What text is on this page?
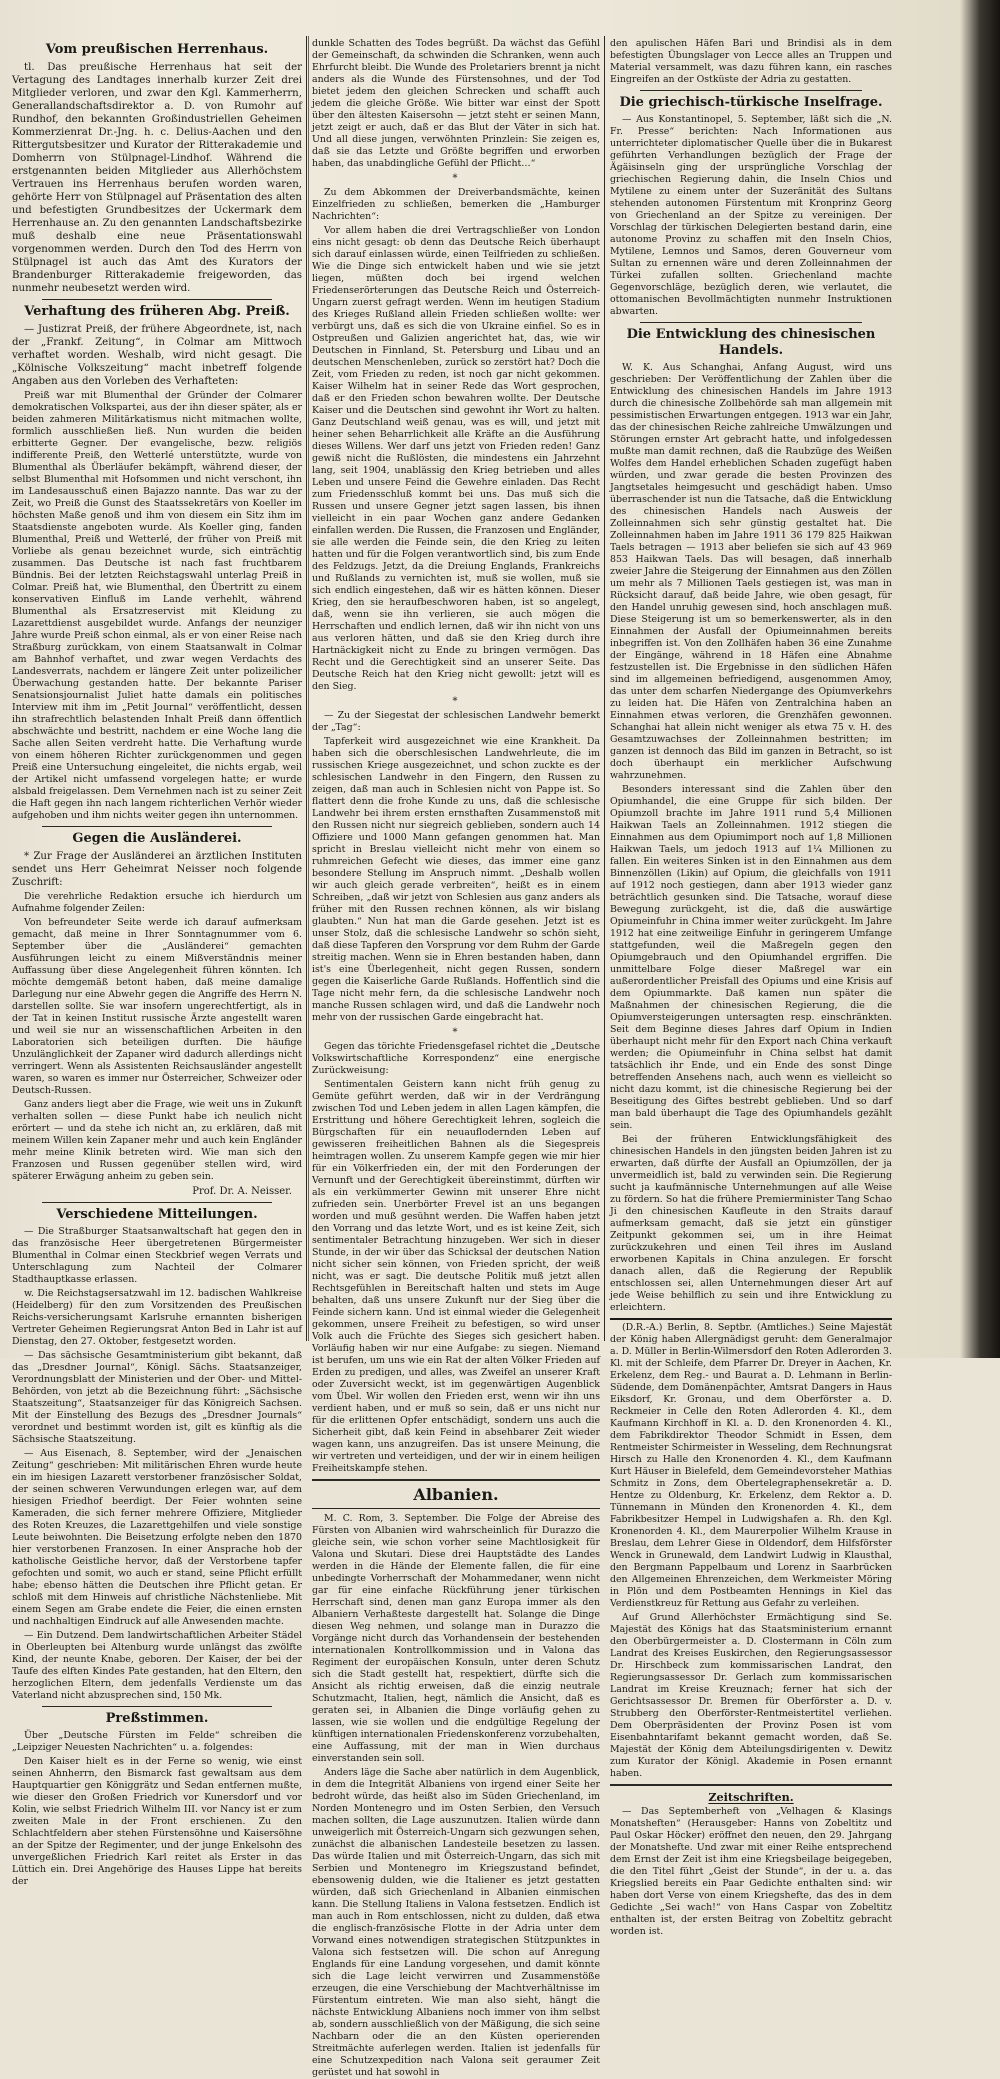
Vom preußischen Herrenhaus.

tl. Das preußische Herrenhaus hat seit der Vertagung des Landtages innerhalb kurzer Zeit drei Mitglieder verloren, und zwar den Kgl. Kammerherrn, Generallandschaftsdirektor a. D. von Rumohr auf Rundhof, den bekannten Großindustriellen Geheimen Kommerzienrat Dr.-Jng. h. c. Delius-Aachen und den Rittergutsbesitzer und Kurator der Ritterakademie und Domherrn von Stülpnagel-Lindhof. Während die erstgenannten beiden Mitglieder aus Allerhöchstem Vertrauen ins Herrenhaus berufen worden waren, gehörte Herr von Stülpnagel auf Präsentation des alten und befestigten Grundbesitzes der Uckermark dem Herrenhause an. Zu den genannten Landschaftsbezirke muß deshalb eine neue Präsentationswahl vorgenommen werden. Durch den Tod des Herrn von Stülpnagel ist auch das Amt des Kurators der Brandenburger Ritterakademie freigeworden, das nunmehr neubesetzt werden wird.

Verhaftung des früheren Abg. Preiß.

— Justizrat Preiß, der frühere Abgeordnete, ist, nach der „Frankf. Zeitung“, in Colmar am Mittwoch verhaftet worden. Weshalb, wird nicht gesagt. Die „Kölnische Volkszeitung“ macht inbetreff folgende Angaben aus den Vorleben des Verhafteten:

Preiß war mit Blumenthal der Gründer der Colmarer demokratischen Volkspartei, aus der ihn dieser später, als er beiden zahmeren Militärkatismus nicht mitmachen wollte, formlich ausschließen ließ. Nun wurden die beiden erbitterte Gegner. Der evangelische, bezw. religiös indifferente Preiß, den Wetterlé unterstützte, wurde von Blumenthal als Überläufer bekämpft, während dieser, der selbst Blumenthal mit Hofsommen und nicht verschont, ihn im Landesausschuß einen Bajazzo nannte. Das war zu der Zeit, wo Preiß die Gunst des Staatssekretärs von Koeller im höchsten Maße genoß und ihm von diesem ein Sitz ihm im Staatsdienste angeboten wurde. Als Koeller ging, fanden Blumenthal, Preiß und Wetterlé, der früher von Preiß mit Vorliebe als genau bezeichnet wurde, sich einträchtig zusammen. Das Deutsche ist nach fast fruchtbarem Bündnis. Bei der letzten Reichstagswahl unterlag Preiß in Colmar. Preiß hat, wie Blumenthal, den Übertritt zu einem konservativen Einfluß im Lande verhehlt, während Blumenthal als Ersatzreservist mit Kleidung zu Lazarettdienst ausgebildet wurde. Anfangs der neunziger Jahre wurde Preiß schon einmal, als er von einer Reise nach Straßburg zurückkam, von einem Staatsanwalt in Colmar am Bahnhof verhaftet, und zwar wegen Verdachts des Landesverrats, nachdem er längere Zeit unter polizeilicher Überwachung gestanden hatte. Der bekannte Pariser Senatsionsjournalist Juliet hatte damals ein politisches Interview mit ihm im „Petit Journal“ veröffentlicht, dessen ihn strafrechtlich belastenden Inhalt Preiß dann öffentlich abschwächte und bestritt, nachdem er eine Woche lang die Sache allen Seiten verdreht hatte. Die Verhaftung wurde von einem höheren Richter zurückgenommen und gegen Preiß eine Untersuchung eingeleitet, die nichts ergab, weil der Artikel nicht umfassend vorgelegen hatte; er wurde alsbald freigelassen. Dem Vernehmen nach ist zu seiner Zeit die Haft gegen ihn nach langem richterlichen Verhör wieder aufgehoben und ihm nichts weiter gegen ihn unternommen.

Gegen die Ausländerei.

* Zur Frage der Ausländerei an ärztlichen Instituten sendet uns Herr Geheimrat Neisser noch folgende Zuschrift:

Die verehrliche Redaktion ersuche ich hierdurch um Aufnahme folgender Zeilen:

Von befreundeter Seite werde ich darauf aufmerksam gemacht, daß meine in Ihrer Sonntagnummer vom 6. September über die „Ausländerei“ gemachten Ausführungen leicht zu einem Mißverständnis meiner Auffassung über diese Angelegenheit führen könnten. Ich möchte demgemäß betont haben, daß meine damalige Darlegung nur eine Abwehr gegen die Angriffe des Herrn N. darstellen sollte. Sie war insofern ungerechtfertigt, als in der Tat in keinen Institut russische Ärzte angestellt waren und weil sie nur an wissenschaftlichen Arbeiten in den Laboratorien sich beteiligen durften. Die häufige Unzulänglichkeit der Zapaner wird dadurch allerdings nicht verringert. Wenn als Assistenten Reichsausländer angestellt waren, so waren es immer nur Österreicher, Schweizer oder Deutsch-Russen.

Ganz anders liegt aber die Frage, wie weit uns in Zukunft verhalten sollen — diese Punkt habe ich neulich nicht erörtert — und da stehe ich nicht an, zu erklären, daß mit meinem Willen kein Zapaner mehr und auch kein Engländer mehr meine Klinik betreten wird. Wie man sich den Franzosen und Russen gegenüber stellen wird, wird späterer Erwägung anheim zu geben sein.

Prof. Dr. A. Neisser.
Verschiedene Mitteilungen.

— Die Straßburger Staatsanwaltschaft hat gegen den in das französische Heer übergetretenen Bürgermeister Blumenthal in Colmar einen Steckbrief wegen Verrats und Unterschlagung zum Nachteil der Colmarer Stadthauptkasse erlassen.

w. Die Reichstagsersatzwahl im 12. badischen Wahlkreise (Heidelberg) für den zum Vorsitzenden des Preußischen Reichs-versicherungsamt Karlsruhe ernannten bisherigen Vertreter Geheimen Regierungsrat Anton Bed in Lahr ist auf Dienstag, den 27. Oktober, festgesetzt worden.

— Das sächsische Gesamtministerium gibt bekannt, daß das „Dresdner Journal“, Königl. Sächs. Staatsanzeiger, Verordnungsblatt der Ministerien und der Ober- und Mittel-Behörden, von jetzt ab die Bezeichnung führt: „Sächsische Staatszeitung“, Staatsanzeiger für das Königreich Sachsen. Mit der Einstellung des Bezugs des „Dresdner Journals“ verordnet und bestimmt worden ist, gilt es künftig als die Sächsische Staatszeitung.

— Aus Eisenach, 8. September, wird der „Jenaischen Zeitung“ geschrieben: Mit militärischen Ehren wurde heute ein im hiesigen Lazarett verstorbener französischer Soldat, der seinen schweren Verwundungen erlegen war, auf dem hiesigen Friedhof beerdigt. Der Feier wohnten seine Kameraden, die sich ferner mehrere Offiziere, Mitglieder des Roten Kreuzes, die Lazarettgehilfen und viele sonstige Leute beiwohnten. Die Beisetzung erfolgte neben den 1870 hier verstorbenen Franzosen. In einer Ansprache hob der katholische Geistliche hervor, daß der Verstorbene tapfer gefochten und somit, wo auch er stand, seine Pflicht erfüllt habe; ebenso hätten die Deutschen ihre Pflicht getan. Er schloß mit dem Hinweis auf christliche Nächstenliebe. Mit einem Segen am Grabe endete die Feier, die einen ernsten und nachhaltigen Eindruck auf alle Anwesenden machte.

— Ein Dutzend. Dem landwirtschaftlichen Arbeiter Städel in Oberleupten bei Altenburg wurde unlängst das zwölfte Kind, der neunte Knabe, geboren. Der Kaiser, der bei der Taufe des elften Kindes Pate gestanden, hat den Eltern, den herzoglichen Eltern, dem jedenfalls Verdienste um das Vaterland nicht abzusprechen sind, 150 Mk.

Preßstimmen.

Über „Deutsche Fürsten im Felde“ schreiben die „Leipziger Neuesten Nachrichten“ u. a. folgendes:

Den Kaiser hielt es in der Ferne so wenig, wie einst seinen Ahnherrn, den Bismarck fast gewaltsam aus dem Hauptquartier gen Königgrätz und Sedan entfernen mußte, wie dieser den Großen Friedrich vor Kunersdorf und vor Kolin, wie selbst Friedrich Wilhelm III. vor Nancy ist er zum zweiten Male in der Front erschienen. Zu den Schlachtfeldern aber stehen Fürstensöhne und Kaisersöhne an der Spitze der Regimenter, und der junge Enkelsohn des unvergeßlichen Friedrich Karl reitet als Erster in das Lüttich ein. Drei Angehörige des Hauses Lippe hat bereits der

dunkle Schatten des Todes begrüßt. Da wächst das Gefühl der Gemeinschaft, da schwinden die Schranken, wenn auch Ehrfurcht bleibt. Die Wunde des Proletariers brennt ja nicht anders als die Wunde des Fürstensohnes, und der Tod bietet jedem den gleichen Schrecken und schafft auch jedem die gleiche Größe. Wie bitter war einst der Spott über den ältesten Kaisersohn — jetzt steht er seinen Mann, jetzt zeigt er auch, daß er das Blut der Väter in sich hat. Und all diese jungen, verwöhnten Prinzlein: Sie zeigen es, daß sie das Letzte und Größte begriffen und erworben haben, das unabdingliche Gefühl der Pflicht…“

*

Zu dem Abkommen der Dreiverbandsmächte, keinen Einzelfrieden zu schließen, bemerken die „Hamburger Nachrichten“:

Vor allem haben die drei Vertragschließer von London eins nicht gesagt: ob denn das Deutsche Reich überhaupt sich darauf einlassen würde, einen Teilfrieden zu schließen. Wie die Dinge sich entwickelt haben und wie sie jetzt liegen, müßten doch bei irgend welchen Friedenserörterungen das Deutsche Reich und Österreich-Ungarn zuerst gefragt werden. Wenn im heutigen Stadium des Krieges Rußland allein Frieden schließen wollte: wer verbürgt uns, daß es sich die von Ukraine einfiel. So es in Ostpreußen und Galizien angerichtet hat, das, wie wir Deutschen in Finnland, St. Petersburg und Libau und an deutschen Menschenleben, zurück so zerstört hat? Doch die Zeit, vom Frieden zu reden, ist noch gar nicht gekommen. Kaiser Wilhelm hat in seiner Rede das Wort gesprochen, daß er den Frieden schon bewahren wollte. Der Deutsche Kaiser und die Deutschen sind gewohnt ihr Wort zu halten. Ganz Deutschland weiß genau, was es will, und jetzt mit heiner sehen Beharrlichkeit alle Kräfte an die Ausführung dieses Willens. Wer darf uns jetzt von Frieden reden! Ganz gewiß nicht die Rußlösten, die mindestens ein Jahrzehnt lang, seit 1904, unablässig den Krieg betrieben und alles Leben und unsere Feind die Gewehre einladen. Das Recht zum Friedensschluß kommt bei uns. Das muß sich die Russen und unsere Gegner jetzt sagen lassen, bis ihnen vielleicht in ein paar Wochen ganz andere Gedanken einfallen werden. Die Russen, die Franzosen und Engländer, sie alle werden die Feinde sein, die den Krieg zu leiten hatten und für die Folgen verantwortlich sind, bis zum Ende des Feldzugs. Jetzt, da die Dreiung Englands, Frankreichs und Rußlands zu vernichten ist, muß sie wollen, muß sie sich endlich eingestehen, daß wir es hätten können. Dieser Krieg, den sie heraufbeschworen haben, ist so angelegt, daß, wenn sie ihn verlieren, sie auch mögen die Herrschaften und endlich lernen, daß wir ihn nicht von uns aus verloren hätten, und daß sie den Krieg durch ihre Hartnäckigkeit nicht zu Ende zu bringen vermögen. Das Recht und die Gerechtigkeit sind an unserer Seite. Das Deutsche Reich hat den Krieg nicht gewollt: jetzt will es den Sieg.

*

— Zu der Siegestat der schlesischen Landwehr bemerkt der „Tag“:

Tapferkeit wird ausgezeichnet wie eine Krankheit. Da haben sich die oberschlesischen Landwehrleute, die im russischen Kriege ausgezeichnet, und schon zuckte es der schlesischen Landwehr in den Fingern, den Russen zu zeigen, daß man auch in Schlesien nicht von Pappe ist. So flattert denn die frohe Kunde zu uns, daß die schlesische Landwehr bei ihrem ersten ernsthaften Zusammenstoß mit den Russen nicht nur siegreich geblieben, sondern auch 14 Offiziere und 1000 Mann gefangen genommen hat. Man spricht in Breslau vielleicht nicht mehr von einem so ruhmreichen Gefecht wie dieses, das immer eine ganz besondere Stellung im Anspruch nimmt. „Deshalb wollen wir auch gleich gerade verbreiten“, heißt es in einem Schreiben, „daß wir jetzt von Schlesien aus ganz anders als früher mit den Russen rechnen können, als wir bislang glaubten.“ Nun hat man die Garde gesehen. Jetzt ist es unser Stolz, daß die schlesische Landwehr so schön sieht, daß diese Tapferen den Vorsprung vor dem Ruhm der Garde streitig machen. Wenn sie in Ehren bestanden haben, dann ist's eine Überlegenheit, nicht gegen Russen, sondern gegen die Kaiserliche Garde Rußlands. Hoffentlich sind die Tage nicht mehr fern, da die schlesische Landwehr noch manche Russen schlagen wird, und daß die Landwehr noch mehr von der russischen Garde eingebracht hat.

*

Gegen das törichte Friedensgefasel richtet die „Deutsche Volkswirtschaftliche Korrespondenz“ eine energische Zurückweisung:

Sentimentalen Geistern kann nicht früh genug zu Gemüte geführt werden, daß wir in der Verdrängung zwischen Tod und Leben jedem in allen Lagen kämpfen, die Erstrittung und höhere Gerechtigkeit lehren, sogleich die Bürgschaften für ein neuauflodernden Leben auf gewisseren freiheitlichen Bahnen als die Siegespreis heimtragen wollen. Zu unserem Kampfe gegen wie mir hier für ein Völkerfrieden ein, der mit den Forderungen der Vernunft und der Gerechtigkeit übereinstimmt, dürften wir als ein verkümmerter Gewinn mit unserer Ehre nicht zufrieden sein. Unerbörter Frevel ist an uns begangen worden und muß gesühnt werden. Die Waffen haben jetzt den Vorrang und das letzte Wort, und es ist keine Zeit, sich sentimentaler Betrachtung hinzugeben. Wer sich in dieser Stunde, in der wir über das Schicksal der deutschen Nation nicht sicher sein können, von Frieden spricht, der weiß nicht, was er sagt. Die deutsche Politik muß jetzt allen Rechtsgefühlen in Bereitschaft halten und stets im Auge behalten, daß uns unsere Zukunft nur der Sieg über die Feinde sichern kann. Und ist einmal wieder die Gelegenheit gekommen, unsere Freiheit zu befestigen, so wird unser Volk auch die Früchte des Sieges sich gesichert haben. Vorläufig haben wir nur eine Aufgabe: zu siegen. Niemand ist berufen, um uns wie ein Rat der alten Völker Frieden auf Erden zu predigen, und alles, was Zweifel an unserer Kraft oder Zuversicht weckt, ist im gegenwärtigen Augenblick vom Übel. Wir wollen den Frieden erst, wenn wir ihn uns verdient haben, und er muß so sein, daß er uns nicht nur für die erlittenen Opfer entschädigt, sondern uns auch die Sicherheit gibt, daß kein Feind in absehbarer Zeit wieder wagen kann, uns anzugreifen. Das ist unsere Meinung, die wir vertreten und verteidigen, und der wir in einem heiligen Freiheitskampfe stehen.

Albanien.

M. C. Rom, 3. September. Die Folge der Abreise des Fürsten von Albanien wird wahrscheinlich für Durazzo die gleiche sein, wie schon vorher seine Machtlosigkeit für Valona und Skutari. Diese drei Hauptstädte des Landes werden in die Hände der Elemente fallen, die für eine unbedingte Vorherrschaft der Mohammedaner, wenn nicht gar für eine einfache Rückführung jener türkischen Herrschaft sind, denen man ganz Europa immer als den Albaniern Verhaßteste dargestellt hat. Solange die Dinge diesen Weg nehmen, und solange man in Durazzo die Vorgänge nicht durch das Vorhandensein der bestehenden internationalen Kontrollkommission und in Valona das Regiment der europäischen Konsuln, unter deren Schutz sich die Stadt gestellt hat, respektiert, dürfte sich die Ansicht als richtig erweisen, daß die einzig neutrale Schutzmacht, Italien, hegt, nämlich die Ansicht, daß es geraten sei, in Albanien die Dinge vorläufig gehen zu lassen, wie sie wollen und die endgültige Regelung der künftigen internationalen Friedenskonferenz vorzubehalten, eine Auffassung, mit der man in Wien durchaus einverstanden sein soll.

Anders läge die Sache aber natürlich in dem Augenblick, in dem die Integrität Albaniens von irgend einer Seite her bedroht würde, das heißt also im Süden Griechenland, im Norden Montenegro und im Osten Serbien, den Versuch machen sollten, die Lage auszunutzen. Italien würde dann unweigerlich mit Österreich-Ungarn sich gezwungen sehen, zunächst die albanischen Landesteile besetzen zu lassen. Das würde Italien und mit Österreich-Ungarn, das sich mit Serbien und Montenegro im Kriegszustand befindet, ebensowenig dulden, wie die Italiener es jetzt gestatten würden, daß sich Griechenland in Albanien einmischen kann. Die Stellung Italiens in Valona festsetzen. Endlich ist man auch in Rom entschlossen, nicht zu dulden, daß etwa die englisch-französische Flotte in der Adria unter dem Vorwand eines notwendigen strategischen Stützpunktes in Valona sich festsetzen will. Die schon auf Anregung Englands für eine Landung vorgesehen, und damit könnte sich die Lage leicht verwirren und Zusammenstöße erzeugen, die eine Verschiebung der Machtverhältnisse im Fürstentum eintreten. Wie man also sieht, hängt die nächste Entwicklung Albaniens noch immer von ihm selbst ab, sondern ausschließlich von der Mäßigung, die sich seine Nachbarn oder die an den Küsten operierenden Streitmächte auferlegen werden. Italien ist jedenfalls für eine Schutzexpedition nach Valona seit geraumer Zeit gerüstet und hat sowohl in

den apulischen Häfen Bari und Brindisi als in dem befestigten Übungslager von Lecce alles an Truppen und Material versammelt, was dazu führen kann, ein rasches Eingreifen an der Ostküste der Adria zu gestatten.

Die griechisch-türkische Inselfrage.

— Aus Konstantinopel, 5. September, läßt sich die „N. Fr. Presse“ berichten: Nach Informationen aus unterrichteter diplomatischer Quelle über die in Bukarest geführten Verhandlungen bezüglich der Frage der Ägäisinseln ging der ursprüngliche Vorschlag der griechischen Regierung dahin, die Inseln Chios und Mytilene zu einem unter der Suzeränität des Sultans stehenden autonomen Fürstentum mit Kronprinz Georg von Griechenland an der Spitze zu vereinigen. Der Vorschlag der türkischen Delegierten bestand darin, eine autonome Provinz zu schaffen mit den Inseln Chios, Mytilene, Lemnos und Samos, deren Gouverneur vom Sultan zu ernennen wäre und deren Zolleinnahmen der Türkei zufallen sollten. Griechenland machte Gegenvorschläge, bezüglich deren, wie verlautet, die ottomanischen Bevollmächtigten nunmehr Instruktionen abwarten.

Die Entwicklung des chinesischen Handels.

W. K. Aus Schanghai, Anfang August, wird uns geschrieben: Der Veröffentlichung der Zahlen über die Entwicklung des chinesischen Handels im Jahre 1913 durch die chinesische Zollbehörde sah man allgemein mit pessimistischen Erwartungen entgegen. 1913 war ein Jahr, das der chinesischen Reiche zahlreiche Umwälzungen und Störungen ernster Art gebracht hatte, und infolgedessen mußte man damit rechnen, daß die Raubzüge des Weißen Wolfes dem Handel erheblichen Schaden zugefügt haben würden, und zwar gerade die besten Provinzen des Jangtsetales heimgesucht und geschädigt haben. Umso überraschender ist nun die Tatsache, daß die Entwicklung des chinesischen Handels nach Ausweis der Zolleinnahmen sich sehr günstig gestaltet hat. Die Zolleinnahmen haben im Jahre 1911 36 179 825 Haikwan Taels betragen — 1913 aber beliefen sie sich auf 43 969 853 Haikwan Taels. Das will besagen, daß innerhalb zweier Jahre die Steigerung der Einnahmen aus den Zöllen um mehr als 7 Millionen Taels gestiegen ist, was man in Rücksicht darauf, daß beide Jahre, wie oben gesagt, für den Handel unruhig gewesen sind, hoch anschlagen muß. Diese Steigerung ist um so bemerkenswerter, als in den Einnahmen der Ausfall der Opiumeinnahmen bereits inbegriffen ist. Von den Zollhäfen haben 36 eine Zunahme der Eingänge, während in 18 Häfen eine Abnahme festzustellen ist. Die Ergebnisse in den südlichen Häfen sind im allgemeinen befriedigend, ausgenommen Amoy, das unter dem scharfen Niedergange des Opiumverkehrs zu leiden hat. Die Häfen von Zentralchina haben an Einnahmen etwas verloren, die Grenzhäfen gewonnen. Schanghai hat allein nicht weniger als etwa 75 v. H. des Gesamtzuwachses der Zolleinnahmen bestritten; im ganzen ist dennoch das Bild im ganzen in Betracht, so ist doch überhaupt ein merklicher Aufschwung wahrzunehmen.

Besonders interessant sind die Zahlen über den Opiumhandel, die eine Gruppe für sich bilden. Der Opiumzoll brachte im Jahre 1911 rund 5,4 Millionen Haikwan Taels an Zolleinnahmen. 1912 stiegen die Einnahmen aus dem Opiumimport noch auf 1,8 Millionen Haikwan Taels, um jedoch 1913 auf 1¼ Millionen zu fallen. Ein weiteres Sinken ist in den Einnahmen aus dem Binnenzöllen (Likin) auf Opium, die gleichfalls von 1911 auf 1912 noch gestiegen, dann aber 1913 wieder ganz beträchtlich gesunken sind. Die Tatsache, worauf diese Bewegung zurückgeht, ist die, daß die auswärtige Opiumeinfuhr in China immer weiter zurückgeht. Im Jahre 1912 hat eine zeitweilige Einfuhr in geringerem Umfange stattgefunden, weil die Maßregeln gegen den Opiumgebrauch und den Opiumhandel ergriffen. Die unmittelbare Folge dieser Maßregel war ein außerordentlicher Preisfall des Opiums und eine Krisis auf dem Opiummarkte. Daß kamen nun später die Maßnahmen der chinesischen Regierung, die die Opiumversteigerungen untersagten resp. einschränkten. Seit dem Beginne dieses Jahres darf Opium in Indien überhaupt nicht mehr für den Export nach China verkauft werden; die Opiumeinfuhr in China selbst hat damit tatsächlich ihr Ende, und ein Ende des sonst Dinge betreffenden Ansehens nach, auch wenn es vielleicht so nicht dazu kommt, ist die chinesische Regierung bei der Beseitigung des Giftes bestrebt geblieben. Und so darf man bald überhaupt die Tage des Opiumhandels gezählt sein.

Bei der früheren Entwicklungsfähigkeit des chinesischen Handels in den jüngsten beiden Jahren ist zu erwarten, daß dürfte der Ausfall an Opiumzöllen, der ja unvermeidlich ist, bald zu verwinden sein. Die Regierung sucht ja kaufmännische Unternehmungen auf alle Weise zu fördern. So hat die frühere Premierminister Tang Schao Ji den chinesischen Kaufleute in den Straits darauf aufmerksam gemacht, daß sie jetzt ein günstiger Zeitpunkt gekommen sei, um in ihre Heimat zurückzukehren und einen Teil ihres im Ausland erworbenen Kapitals in China anzulegen. Er forscht danach allen, daß die Regierung der Republik entschlossen sei, allen Unternehmungen dieser Art auf jede Weise behilflich zu sein und ihre Entwicklung zu erleichtern.

(D.R.-A.) Berlin, 8. Septbr. (Amtliches.) Seine Majestät der König haben Allergnädigst geruht: dem Generalmajor a. D. Müller in Berlin-Wilmersdorf den Roten Adlerorden 3. Kl. mit der Schleife, dem Pfarrer Dr. Dreyer in Aachen, Kr. Erkelenz, dem Reg.- und Baurat a. D. Lehmann in Berlin-Südende, dem Domänenpächter, Amtsrat Dangers in Haus Eiksdorf, Kr. Gronau, und dem Oberförster a. D. Reckmeier in Celle den Roten Adlerorden 4. Kl., dem Kaufmann Kirchhoff in Kl. a. D. den Kronenorden 4. Kl., dem Fabrikdirektor Theodor Schmidt in Essen, dem Rentmeister Schirmeister in Wesseling, dem Rechnungsrat Hirsch zu Halle den Kronenorden 4. Kl., dem Kaufmann Kurt Häuser in Bielefeld, dem Gemeindevorsteher Mathias Schmitz in Zons, dem Obertelegraphensekretär a. D. Hentze zu Oldenburg, Kr. Erkelenz, dem Rektor a. D. Tünnemann in Münden den Kronenorden 4. Kl., dem Fabrikbesitzer Hempel in Ludwigshafen a. Rh. den Kgl. Kronenorden 4. Kl., dem Maurerpolier Wilhelm Krause in Breslau, dem Lehrer Giese in Oldendorf, dem Hilfsförster Wenck in Grunewald, dem Landwirt Ludwig in Klausthal, den Bergmann Pappelbaum und Lorenz in Saarbrücken den Allgemeinen Ehrenzeichen, dem Werkmeister Möring in Plön und dem Postbeamten Hennings in Kiel das Verdienstkreuz für Rettung aus Gefahr zu verleihen.

Auf Grund Allerhöchster Ermächtigung sind Se. Majestät des Königs hat das Staatsministerium ernannt den Oberbürgermeister a. D. Clostermann in Cöln zum Landrat des Kreises Euskirchen, den Regierungsassessor Dr. Hirschbeck zum kommissarischen Landrat, den Regierungsassessor Dr. Gerlach zum kommissarischen Landrat im Kreise Kreuznach; ferner hat sich der Gerichtsassessor Dr. Bremen für Oberförster a. D. v. Strubberg den Oberförster-Rentmeistertitel verliehen. Dem Oberpräsidenten der Provinz Posen ist vom Eisenbahntarifamt bekannt gemacht worden, daß Se. Majestät der König dem Abteilungsdirigenten v. Dewitz zum Kurator der Königl. Akademie in Posen ernannt haben.

Zeitschriften.

— Das Septemberheft von „Velhagen & Klasings Monatsheften“ (Herausgeber: Hanns von Zobeltitz und Paul Oskar Höcker) eröffnet den neuen, den 29. Jahrgang der Monatshefte. Und zwar mit einer Reihe entsprechend dem Ernst der Zeit ist ihm eine Kriegsbeilage beigegeben, die den Titel führt „Geist der Stunde“, in der u. a. das Kriegslied bereits ein Paar Gedichte enthalten sind: wir haben dort Verse von einem Kriegshefte, das des in dem Gedichte „Sei wach!“ von Hans Caspar von Zobeltitz enthalten ist, der ersten Beitrag von Zobeltitz gebracht worden ist.
